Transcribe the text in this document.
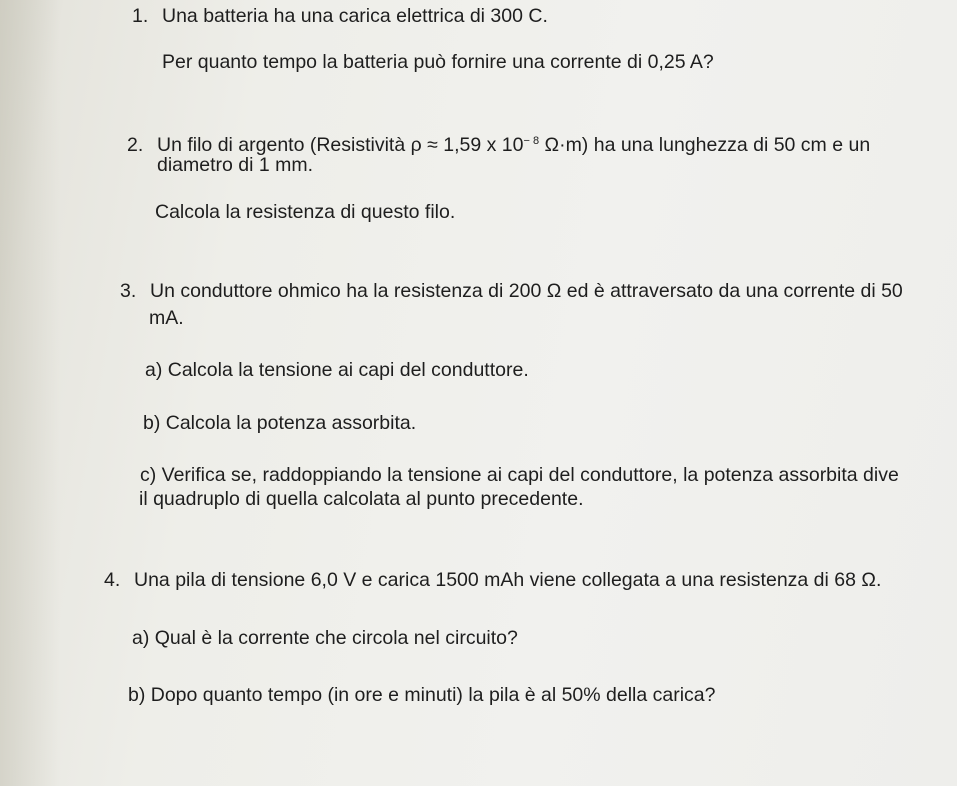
1. Una batteria ha una carica elettrica di 300 C.
Per quanto tempo la batteria può fornire una corrente di 0,25 A?
2. Un filo di argento (Resistività ρ ≈ 1,59 x $10^{- 8}$ Ω·m) ha una lunghezza di 50 cm e un
diametro di 1 mm.
Calcola la resistenza di questo filo.
3. Un conduttore ohmico ha la resistenza di 200 Ω ed è attraversato da una corrente di 50
mA.
a) Calcola la tensione ai capi del conduttore.
b) Calcola la potenza assorbita.
c) Verifica se, raddoppiando la tensione ai capi del conduttore, la potenza assorbita dive
il quadruplo di quella calcolata al punto precedente.
4. Una pila di tensione 6,0 V e carica 1500 mAh viene collegata a una resistenza di 68 Ω.
a) Qual è la corrente che circola nel circuito?
b) Dopo quanto tempo (in ore e minuti) la pila è al 50% della carica?
